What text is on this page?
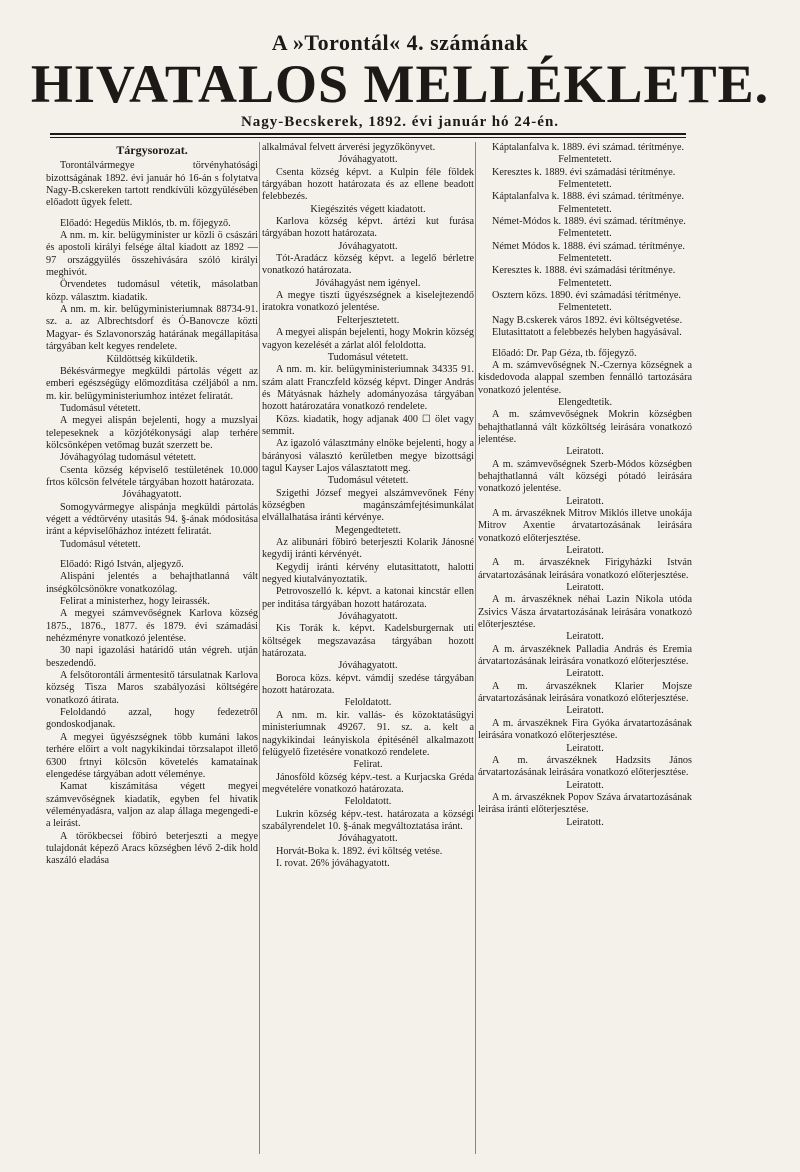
A »Torontál« 4. számának
HIVATALOS MELLÉKLETE.
Nagy-Becskerek, 1892. évi január hó 24-én.

Tárgysorozat.

Torontálvármegye törvényhatósági bizottságának 1892. évi január hó 16-án s folytatva Nagy-B.cskereken tartott rendkívüli közgyülésében előadott ügyek felett.

Előadó: Hegedüs Miklós, tb. m. főjegyző.

A nm. m. kir. belügyminister ur közli ö császári és apostoli királyi felsége által kiadott az 1892 — 97 országgyülés összehivására szóló királyi meghivót.

Örvendetes tudomásul vétetik, másolatban közp. választm. kiadatik.

A nm. m. kir. belügyministeriumnak 88734-91. sz. a. az Albrechtsdorf és Ó-Banovcze közti Magyar- és Szlavonország határának megállapitása tárgyában kelt kegyes rendelete.

Küldöttség kiküldetik.

Békésvármegye megküldi pártolás végett az emberi egészségügy előmozditása czéljából a nm. m. kir. belügyministeriumhoz intézet feliratát.

Tudomásul vétetett.

A megyei alispán bejelenti, hogy a muzslyai telepeseknek a közjótékonysági alap terhére kölcsönképen vetőmag buzát szerzett be.

Jóváhagyólag tudomásul vétetett.

Csenta község képviselő testületének 10.000 frtos kölcsön felvétele tárgyában hozott határozata.

Jóváhagyatott.

Somogyvármegye alispánja megküldi pártolás végett a védtörvény utasitás 94. §-ának módositása iránt a képviselőházhoz intézett feliratát.

Tudomásul vétetett.

Előadó: Rigó István, aljegyző.

Alispáni jelentés a behajthatlanná vált inségkölcsönökre vonatkozólag.

Felirat a ministerhez, hogy leirassék.

A megyei számvevőségnek Karlova község 1875., 1876., 1877. és 1879. évi számadási nehézményre vonatkozó jelentése.

30 napi igazolási határidő után végreh. utján beszedendő.

A felsőtorontáli ármentesitő társulatnak Karlova község Tisza Maros szabályozási költségére vonatkozó átirata.

Feloldandó azzal, hogy fedezetről gondoskodjanak.

A megyei ügyészségnek több kumáni lakos terhére előirt a volt nagykikindai törzsalapot illető 6300 frtnyi kölcsön követelés kamatainak elengedése tárgyában adott véleménye.

Kamat kiszámitása végett megyei számvevőségnek kiadatik, egyben fel hivatik véleményadásra, valjon az alap állaga megengedi-e a leirást.

A törökbecsei főbiró beterjeszti a megye tulajdonát képező Aracs községben lévő 2-dik hold kaszáló eladása

alkalmával felvett árverési jegyzőkönyvet.

Jóváhagyatott.

Csenta község képvt. a Kulpin féle földek tárgyában hozott határozata és az ellene beadott felebbezés.

Kiegészités végett kiadatott.

Karlova község képvt. ártézi kut furása tárgyában hozott határozata.

Jóváhagyatott.

Tót-Aradácz község képvt. a legelő bérletre vonatkozó határozata.

Jóváhagyást nem igényel.

A megye tiszti ügyészségnek a kiselejtezendő iratokra vonatkozó jelentése.

Felterjesztetett.

A megyei alispán bejelenti, hogy Mokrin község vagyon kezelését a zárlat alól feloldotta.

Tudomásul vétetett.

A nm. m. kir. belügyministeriumnak 34335 91. szám alatt Franczfeld község képvt. Dinger András és Mátyásnak házhely adományozása tárgyában hozott határozatára vonatkozó rendelete.

Közs. kiadatik, hogy adjanak 400 ☐ ölet vagy semmit.

Az igazoló választmány elnöke bejelenti, hogy a bárányosi választó kerületben megye bizottsági tagul Kayser Lajos választatott meg.

Tudomásul vétetett.

Szigethi József megyei alszámvevőnek Fény községben magánszámfejtésimunkálat elvállalhatása iránti kérvénye.

Megengedtetett.

Az alibunári főbiró beterjeszti Kolarik Jánosné kegydij iránti kérvényét.

Kegydij iránti kérvény elutasittatott, halotti negyed kiutalványoztatik.

Petrovoszelló k. képvt. a katonai kincstár ellen per inditása tárgyában hozott határozata.

Jóváhagyatott.

Kis Torák k. képvt. Kadelsburgernak uti költségek megszavazása tárgyában hozott határozata.

Jóváhagyatott.

Boroca közs. képvt. vámdij szedése tárgyában hozott határozata.

Feloldatott.

A nm. m. kir. vallás- és közoktatásügyi ministeriumnak 49267. 91. sz. a. kelt a nagykikindai leányiskola épitésénél alkalmazott felügyelő fizetésére vonatkozó rendelete.

Felirat.

Jánosföld község képv.-test. a Kurjacska Gréda megvételére vonatkozó határozata.

Feloldatott.

Lukrin község képv.-test. határozata a községi szabályrendelet 10. §-ának megváltoztatása iránt.

Jóváhagyatott.

Horvát-Boka k. 1892. évi költség vetése.

I. rovat. 26% jóváhagyatott.

Káptalanfalva k. 1889. évi számad. térítménye.

Felmentetett.

Keresztes k. 1889. évi számadási térítménye.

Felmentetett.

Káptalanfalva k. 1888. évi számad. térítménye.

Felmentetett.

Német-Módos k. 1889. évi számad. térítménye.

Felmentetett.

Német Módos k. 1888. évi számad. térítménye.

Felmentetett.

Keresztes k. 1888. évi számadási térítménye.

Felmentetett.

Osztern közs. 1890. évi számadási térítménye.

Felmentetett.

Nagy B.cskerek város 1892. évi költségvetése.

Elutasittatott a felebbezés helyben hagyásával.

Előadó: Dr. Pap Géza, tb. főjegyző.

A m. számvevőségnek N.-Czernya községnek a kisdedovoda alappal szemben fennálló tartozására vonatkozó jelentése.

Elengedtetik.

A m. számvevőségnek Mokrin községben behajthatlanná vált közköltség leirására vonatkozó jelentése.

Leiratott.

A m. számvevőségnek Szerb-Módos községben behajthatlanná vált községi pótadó leirására vonatkozó jelentése.

Leiratott.

A m. árvaszéknek Mitrov Miklós illetve unokája Mitrov Axentie árvatartozásának leirására vonatkozó előterjesztése.

Leiratott.

A m. árvaszéknek Firigyházki István árvatartozásának leirására vonatkozó előterjesztése.

Leiratott.

A m. árvaszéknek néhai Lazin Nikola utóda Zsivics Vásza árvatartozásának leirására vonatkozó előterjesztése.

Leiratott.

A m. árvaszéknek Palladia András és Eremia árvatartozásának leirására vonatkozó előterjesztése.

Leiratott.

A m. árvaszéknek Klarier Mojsze árvatartozásának leirására vonatkozó előterjesztése.

Leiratott.

A m. árvaszéknek Fira Gyóka árvatartozásának leirására vonatkozó előterjesztése.

Leiratott.

A m. árvaszéknek Hadzsits János árvatartozásának leirására vonatkozó előterjesztése.

Leiratott.

A m. árvaszéknek Popov Száva árvatartozásának leirása iránti előterjesztése.

Leiratott.
